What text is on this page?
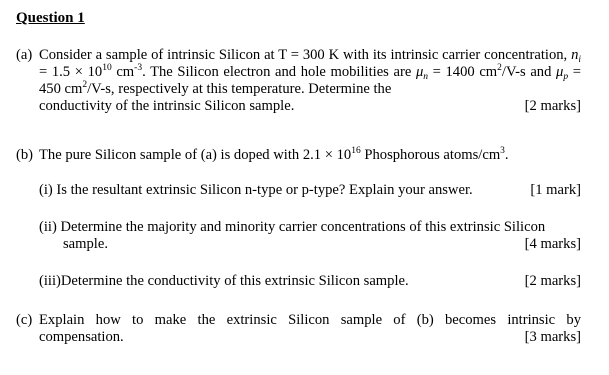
Question 1
(a) Consider a sample of intrinsic Silicon at T = 300 K with its intrinsic carrier concentration, $n_i = 1.5 \times 10^{10}$ $cm^{-3}$. The Silicon electron and hole mobilities are $\mu_n = 1400$ $cm^2/V-s$ and $\mu_p = 450$ $cm^2/V-s$, respectively at this temperature. Determine the
conductivity of the intrinsic Silicon sample.	[2 marks]
(b) The pure Silicon sample of (a) is doped with $2.1 \times 10^{16}$ Phosphorous atoms/$cm^3$.
(i) Is the resultant extrinsic Silicon n-type or p-type? Explain your answer.	[1 mark]
(ii) Determine the majority and minority carrier concentrations of this extrinsic Silicon
sample.	[4 marks]
(iii)Determine the conductivity of this extrinsic Silicon sample.	[2 marks]
(c) Explain how to make the extrinsic Silicon sample of (b) becomes intrinsic by
compensation.	[3 marks]
